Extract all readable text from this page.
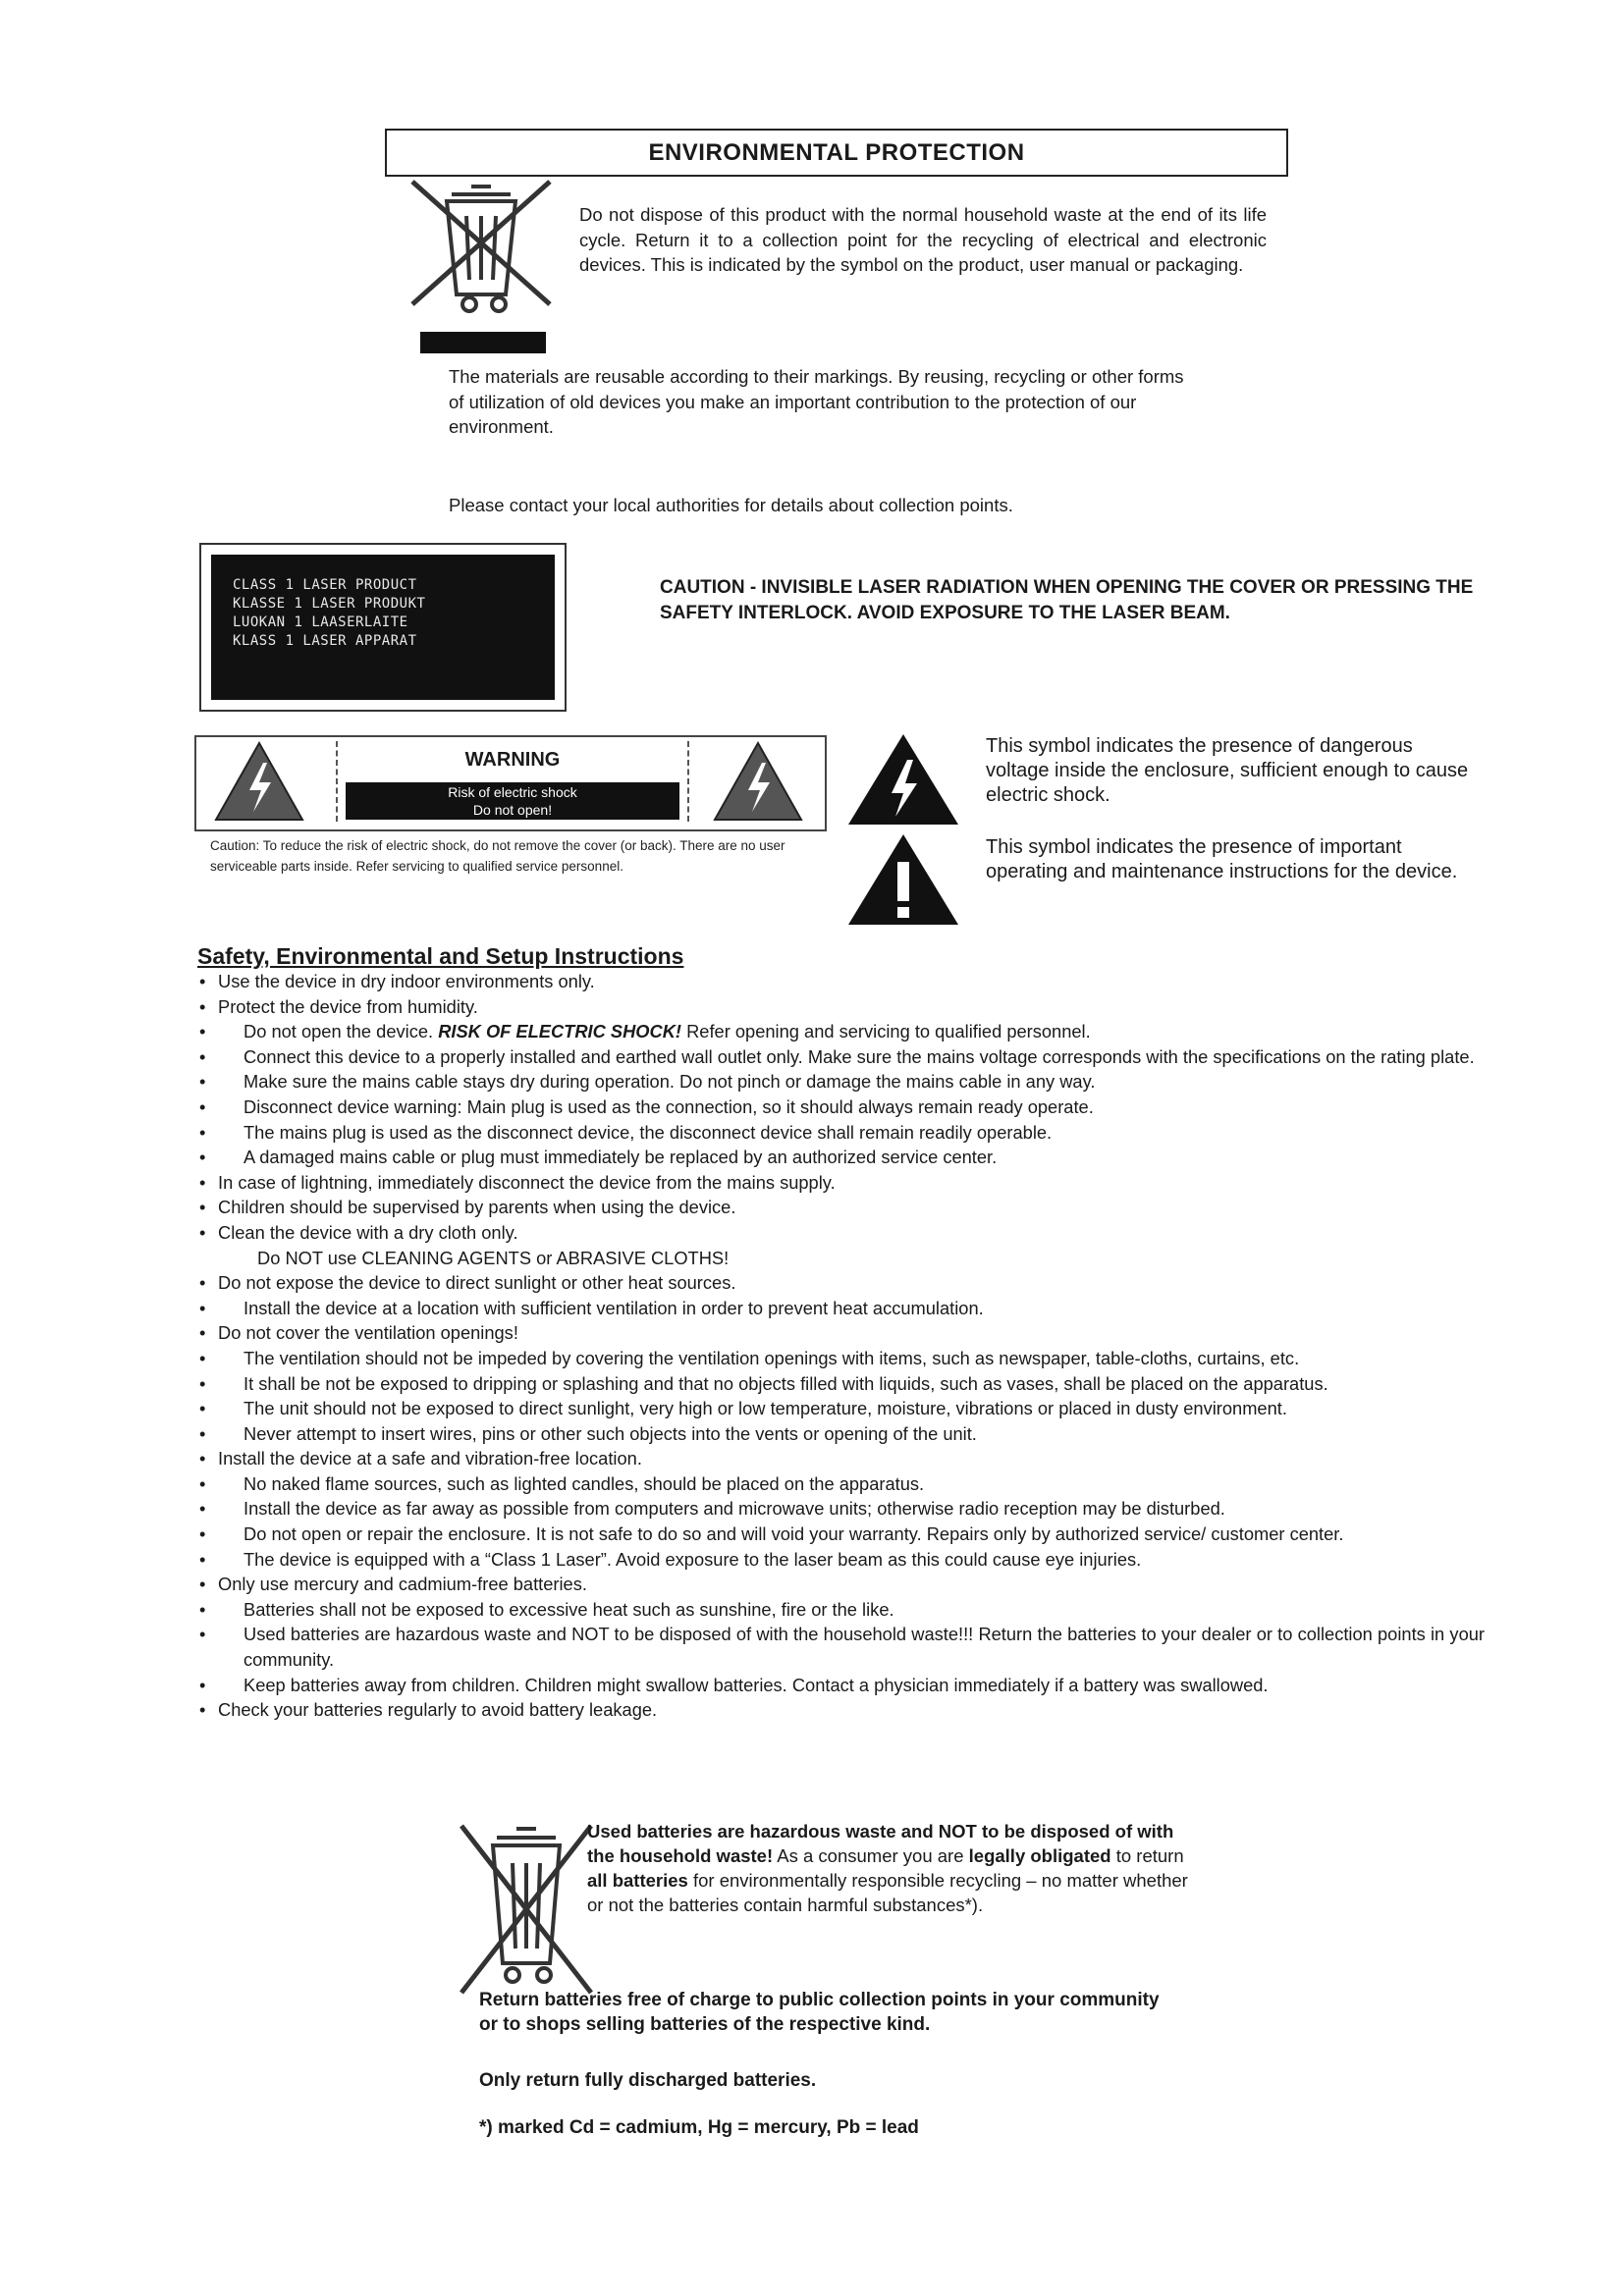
ENVIRONMENTAL PROTECTION
Do not dispose of this product with the normal household waste at the end of its life cycle. Return it to a collection point for the recycling of electrical and electronic devices. This is indicated by the symbol on the product, user manual or packaging.
The materials are reusable according to their markings. By reusing, recycling or other forms of utilization of old devices you make an important contribution to the protection of our environment.
Please contact your local authorities for details about collection points.
CLASS 1 LASER PRODUCT
KLASSE 1 LASER PRODUKT
LUOKAN 1 LAASERLAITE
KLASS 1 LASER APPARAT
CAUTION - INVISIBLE LASER RADIATION WHEN OPENING THE COVER OR PRESSING THE SAFETY INTERLOCK. AVOID EXPOSURE TO THE LASER BEAM.
WARNING
Risk of electric shock
Do not open!
Caution: To reduce the risk of electric shock, do not remove the cover (or back). There are no user serviceable parts inside. Refer servicing to qualified service personnel.
This symbol indicates the presence of dangerous voltage inside the enclosure, sufficient enough to cause electric shock.
This symbol indicates the presence of important operating and maintenance instructions for the device.
Safety, Environmental and Setup Instructions
• Use the device in dry indoor environments only.
• Protect the device from humidity.
• Do not open the device. RISK OF ELECTRIC SHOCK! Refer opening and servicing to qualified personnel.
• Connect this device to a properly installed and earthed wall outlet only. Make sure the mains voltage corresponds with the specifications on the rating plate.
• Make sure the mains cable stays dry during operation. Do not pinch or damage the mains cable in any way.
• Disconnect device warning: Main plug is used as the connection, so it should always remain ready operate.
• The mains plug is used as the disconnect device, the disconnect device shall remain readily operable.
• A damaged mains cable or plug must immediately be replaced by an authorized service center.
• In case of lightning, immediately disconnect the device from the mains supply.
• Children should be supervised by parents when using the device.
• Clean the device with a dry cloth only.
Do NOT use CLEANING AGENTS or ABRASIVE CLOTHS!
• Do not expose the device to direct sunlight or other heat sources.
• Install the device at a location with sufficient ventilation in order to prevent heat accumulation.
• Do not cover the ventilation openings!
• The ventilation should not be impeded by covering the ventilation openings with items, such as newspaper, table-cloths, curtains, etc.
• It shall be not be exposed to dripping or splashing and that no objects filled with liquids, such as vases, shall be placed on the apparatus.
• The unit should not be exposed to direct sunlight, very high or low temperature, moisture, vibrations or placed in dusty environment.
• Never attempt to insert wires, pins or other such objects into the vents or opening of the unit.
• Install the device at a safe and vibration-free location.
• No naked flame sources, such as lighted candles, should be placed on the apparatus.
• Install the device as far away as possible from computers and microwave units; otherwise radio reception may be disturbed.
• Do not open or repair the enclosure. It is not safe to do so and will void your warranty. Repairs only by authorized service/ customer center.
• The device is equipped with a “Class 1 Laser”. Avoid exposure to the laser beam as this could cause eye injuries.
• Only use mercury and cadmium-free batteries.
• Batteries shall not be exposed to excessive heat such as sunshine, fire or the like.
• Used batteries are hazardous waste and NOT to be disposed of with the household waste!!! Return the batteries to your dealer or to collection points in your community.
• Keep batteries away from children. Children might swallow batteries. Contact a physician immediately if a battery was swallowed.
• Check your batteries regularly to avoid battery leakage.
Used batteries are hazardous waste and NOT to be disposed of with the household waste! As a consumer you are legally obligated to return all batteries for environmentally responsible recycling – no matter whether or not the batteries contain harmful substances*).
Return batteries free of charge to public collection points in your community or to shops selling batteries of the respective kind.
Only return fully discharged batteries.
*) marked Cd = cadmium, Hg = mercury, Pb = lead
